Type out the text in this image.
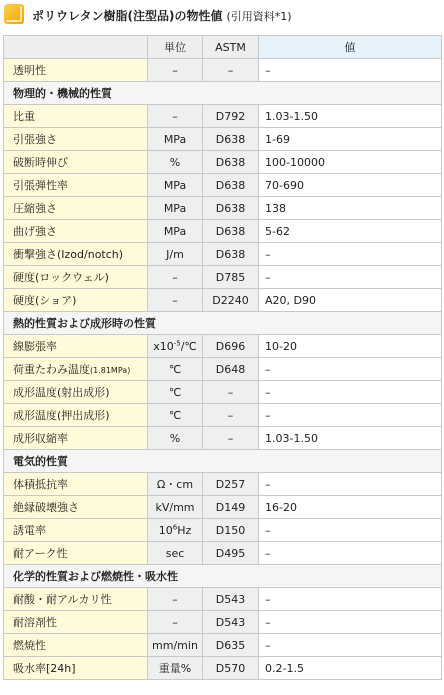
ポリウレタン樹脂(注型品)の物性値 (引用資料*1)
	単位	ASTM	値
透明性	–	–	–
物理的・機械的性質			
比重	–	D792	1.03-1.50
引張強さ	MPa	D638	1-69
破断時伸び	%	D638	100-10000
引張弾性率	MPa	D638	70-690
圧縮強さ	MPa	D638	138
曲げ強さ	MPa	D638	5-62
衝撃強さ(Izod/notch)	J/m	D638	–
硬度(ロックウェル)	–	D785	–
硬度(ショア)	–	D2240	A20, D90
熱的性質および成形時の性質			
線膨張率	$x10^{-5}/℃$	D696	10-20
荷重たわみ温度(1.81MPa)	℃	D648	–
成形温度(射出成形)	℃	–	–
成形温度(押出成形)	℃	–	–
成形収縮率	%	–	1.03-1.50
電気的性質			
体積抵抗率	Ω・cm	D257	–
絶縁破壊強さ	kV/mm	D149	16-20
誘電率	$10^6Hz$	D150	–
耐アーク性	sec	D495	–
化学的性質および燃焼性・吸水性			
耐酸・耐アルカリ性	–	D543	–
耐溶剤性	–	D543	–
燃焼性	mm/min	D635	–
吸水率[24h]	重量%	D570	0.2-1.5
